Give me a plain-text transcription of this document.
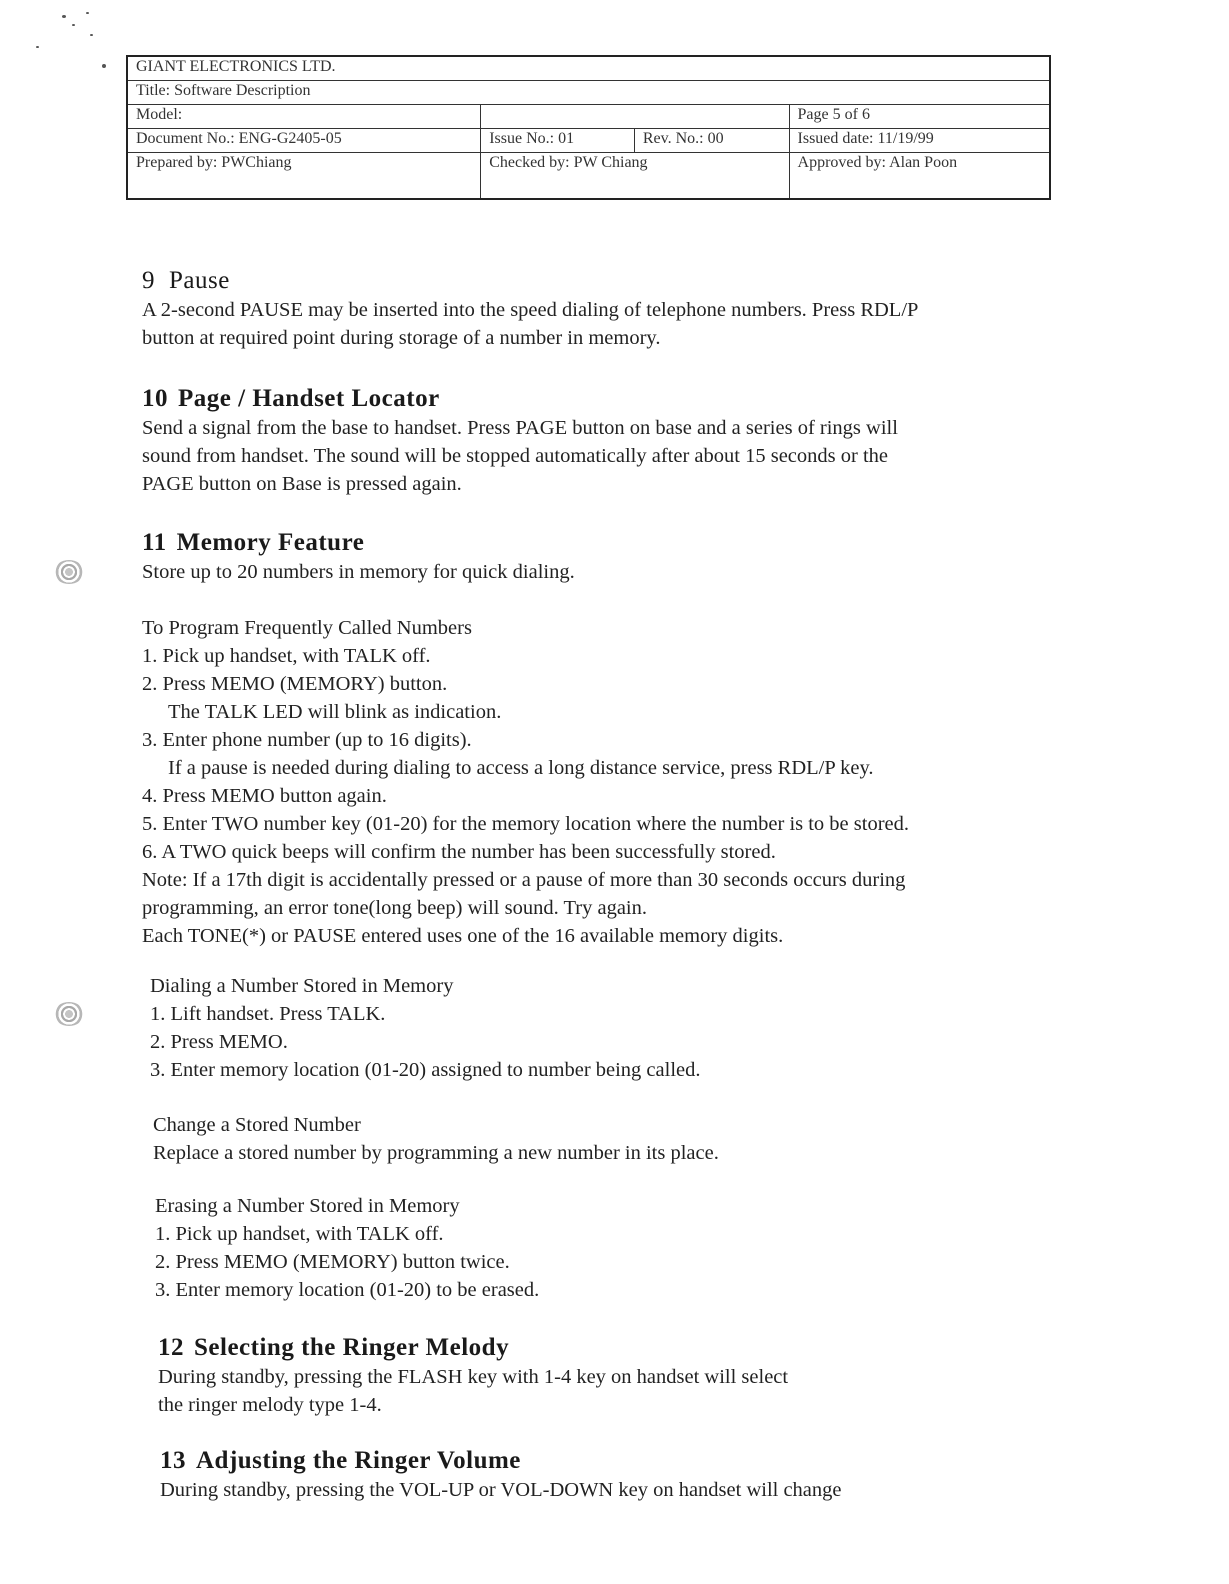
GIANT ELECTRONICS LTD.			
Title: Software Description			
Model:			Page 5 of 6
Document No.: ENG-G2405-05	Issue No.: 01	Rev. No.: 00	Issued date: 11/19/99
Prepared by: PWChiang	Checked by: PW Chiang		Approved by: Alan Poon
9 Pause
A 2-second PAUSE may be inserted into the speed dialing of telephone numbers. Press RDL/P
button at required point during storage of a number in memory.
10 Page / Handset Locator
Send a signal from the base to handset. Press PAGE button on base and a series of rings will
sound from handset. The sound will be stopped automatically after about 15 seconds or the
PAGE button on Base is pressed again.
11 Memory Feature
Store up to 20 numbers in memory for quick dialing.
To Program Frequently Called Numbers
1. Pick up handset, with TALK off.
2. Press MEMO (MEMORY) button.
The TALK LED will blink as indication.
3. Enter phone number (up to 16 digits).
If a pause is needed during dialing to access a long distance service, press RDL/P key.
4. Press MEMO button again.
5. Enter TWO number key (01-20) for the memory location where the number is to be stored.
6. A TWO quick beeps will confirm the number has been successfully stored.
Note: If a 17th digit is accidentally pressed or a pause of more than 30 seconds occurs during
programming, an error tone(long beep) will sound. Try again.
Each TONE(*) or PAUSE entered uses one of the 16 available memory digits.
Dialing a Number Stored in Memory
1. Lift handset. Press TALK.
2. Press MEMO.
3. Enter memory location (01-20) assigned to number being called.
Change a Stored Number
Replace a stored number by programming a new number in its place.
Erasing a Number Stored in Memory
1. Pick up handset, with TALK off.
2. Press MEMO (MEMORY) button twice.
3. Enter memory location (01-20) to be erased.
12 Selecting the Ringer Melody
During standby, pressing the FLASH key with 1-4 key on handset will select
the ringer melody type 1-4.
13 Adjusting the Ringer Volume
During standby, pressing the VOL-UP or VOL-DOWN key on handset will change
